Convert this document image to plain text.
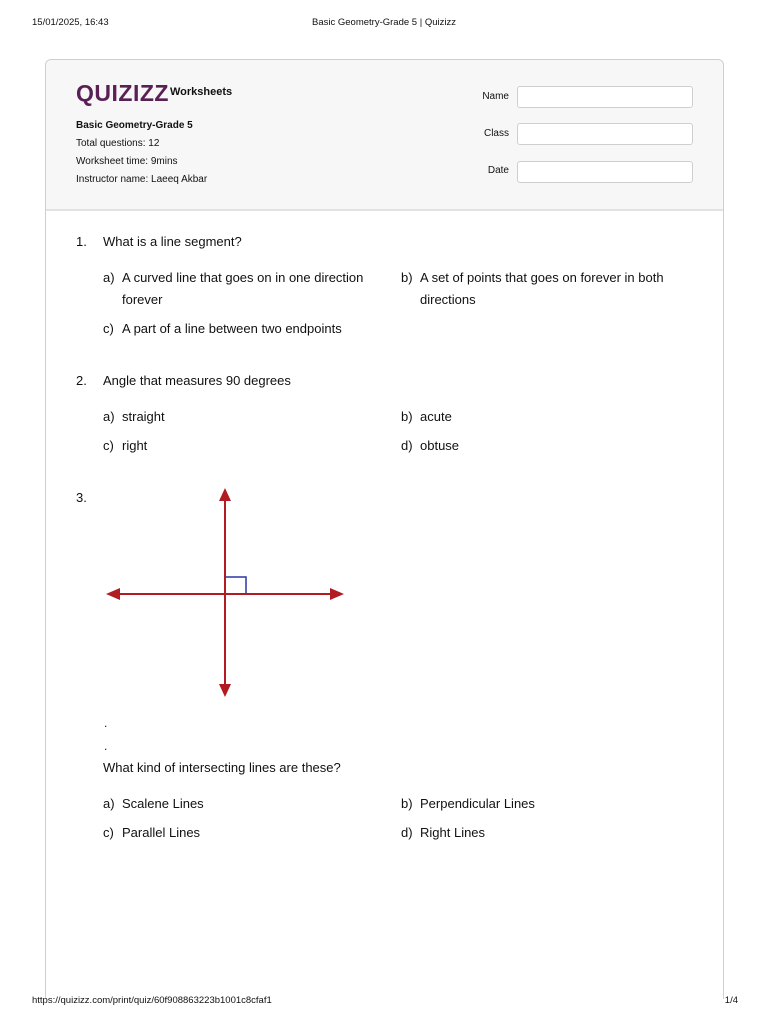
15/01/2025, 16:43	Basic Geometry-Grade 5 | Quizizz
QUIZIZZ Worksheets
Basic Geometry-Grade 5
Total questions: 12
Worksheet time: 9mins
Instructor name: Laeeq Akbar
Name
Class
Date
1. What is a line segment?
a) A curved line that goes on in one direction
forever
b) A set of points that goes on forever in both
directions
c) A part of a line between two endpoints
2. Angle that measures 90 degrees
a) straight	b) acute
c) right	d) obtuse
3.
.
.
What kind of intersecting lines are these?
a) Scalene Lines	b) Perpendicular Lines
c) Parallel Lines	d) Right Lines
https://quizizz.com/print/quiz/60f908863223b1001c8cfaf1	1/4
